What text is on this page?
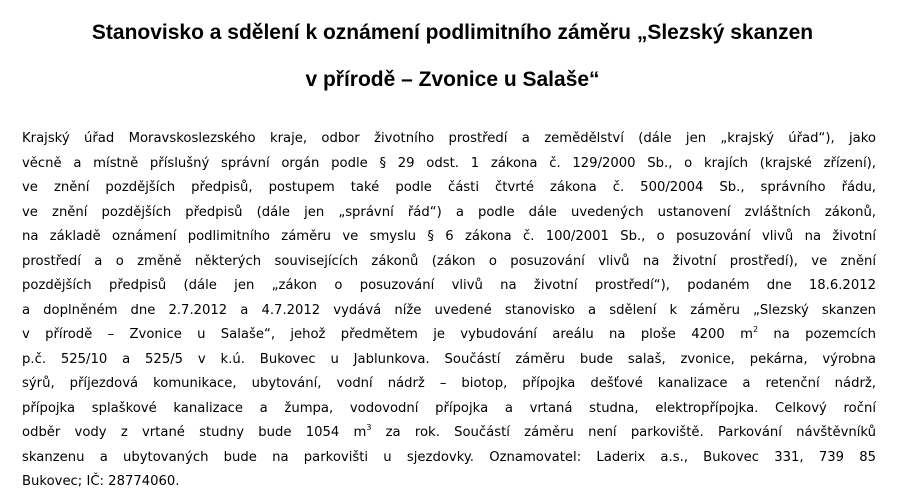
Stanovisko a sdělení k oznámení podlimitního záměru „Slezský skanzen
v přírodě – Zvonice u Salaše“
Krajský úřad Moravskoslezského kraje, odbor životního prostředí a zemědělství (dále jen „krajský úřad“), jako
věcně a místně příslušný správní orgán podle § 29 odst. 1 zákona č. 129/2000 Sb., o krajích (krajské zřízení),
ve znění pozdějších předpisů, postupem také podle části čtvrté zákona č. 500/2004 Sb., správního řádu,
ve znění pozdějších předpisů (dále jen „správní řád“) a podle dále uvedených ustanovení zvláštních zákonů,
na základě oznámení podlimitního záměru ve smyslu § 6 zákona č. 100/2001 Sb., o posuzování vlivů na životní
prostředí a o změně některých souvisejících zákonů (zákon o posuzování vlivů na životní prostředí), ve znění
pozdějších předpisů (dále jen „zákon o posuzování vlivů na životní prostředí“), podaném dne 18.6.2012
a doplněném dne 2.7.2012 a 4.7.2012 vydává níže uvedené stanovisko a sdělení k záměru „Slezský skanzen
v přírodě – Zvonice u Salaše“, jehož předmětem je vybudování areálu na ploše 4200 $m^2$ na pozemcích
p.č. 525/10 a 525/5 v k.ú. Bukovec u Jablunkova. Součástí záměru bude salaš, zvonice, pekárna, výrobna
sýrů, příjezdová komunikace, ubytování, vodní nádrž – biotop, přípojka dešťové kanalizace a retenční nádrž,
přípojka splaškové kanalizace a žumpa, vodovodní přípojka a vrtaná studna, elektropřípojka. Celkový roční
odběr vody z vrtané studny bude 1054 $m^3$ za rok. Součástí záměru není parkoviště. Parkování návštěvníků
skanzenu a ubytovaných bude na parkovišti u sjezdovky. Oznamovatel: Laderix a.s., Bukovec 331, 739 85
Bukovec; IČ: 28774060.
